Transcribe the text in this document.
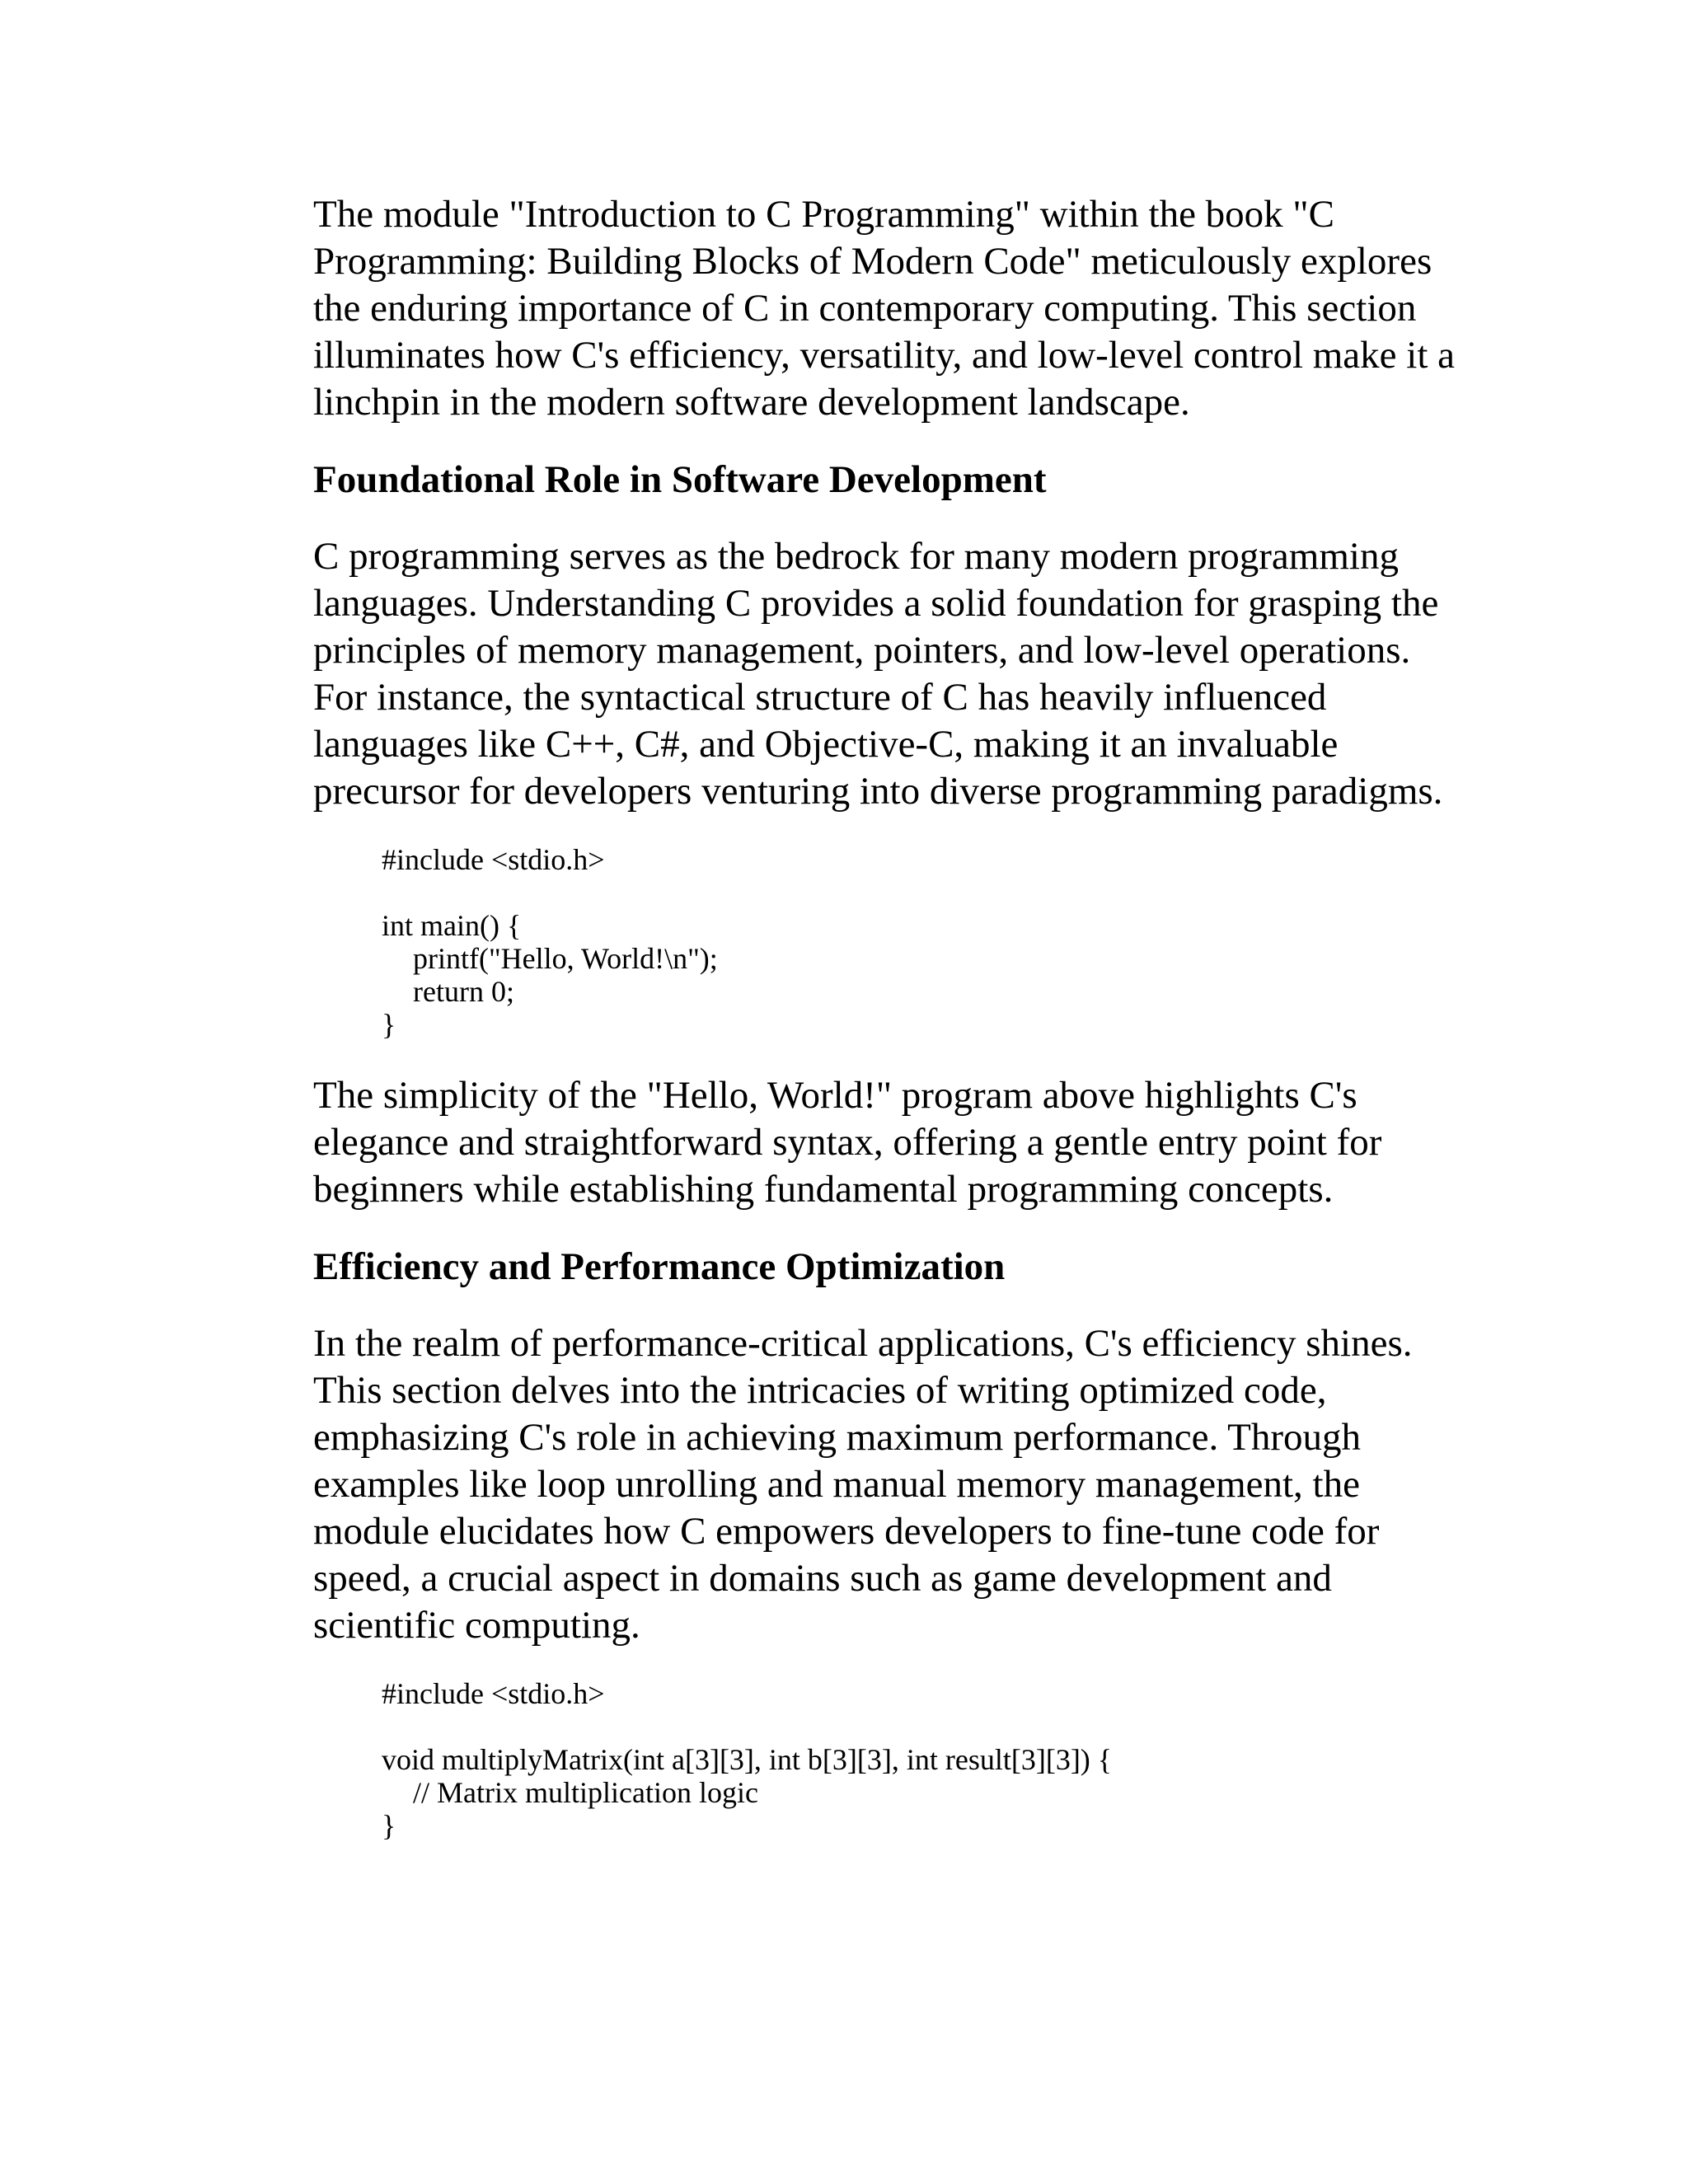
The module "Introduction to C Programming" within the book "C Programming: Building Blocks of Modern Code" meticulously explores the enduring importance of C in contemporary computing. This section illuminates how C's efficiency, versatility, and low-level control make it a linchpin in the modern software development landscape.

Foundational Role in Software Development

C programming serves as the bedrock for many modern programming languages. Understanding C provides a solid foundation for grasping the principles of memory management, pointers, and low-level operations. For instance, the syntactical structure of C has heavily influenced languages like C++, C#, and Objective-C, making it an invaluable precursor for developers venturing into diverse programming paradigms.

#include <stdio.h>
int main() {
printf("Hello, World!\n");
return 0;
}

The simplicity of the "Hello, World!" program above highlights C's elegance and straightforward syntax, offering a gentle entry point for beginners while establishing fundamental programming concepts.

Efficiency and Performance Optimization

In the realm of performance-critical applications, C's efficiency shines. This section delves into the intricacies of writing optimized code, emphasizing C's role in achieving maximum performance. Through examples like loop unrolling and manual memory management, the module elucidates how C empowers developers to fine-tune code for speed, a crucial aspect in domains such as game development and scientific computing.

#include <stdio.h>
void multiplyMatrix(int a[3][3], int b[3][3], int result[3][3]) {
// Matrix multiplication logic
}
